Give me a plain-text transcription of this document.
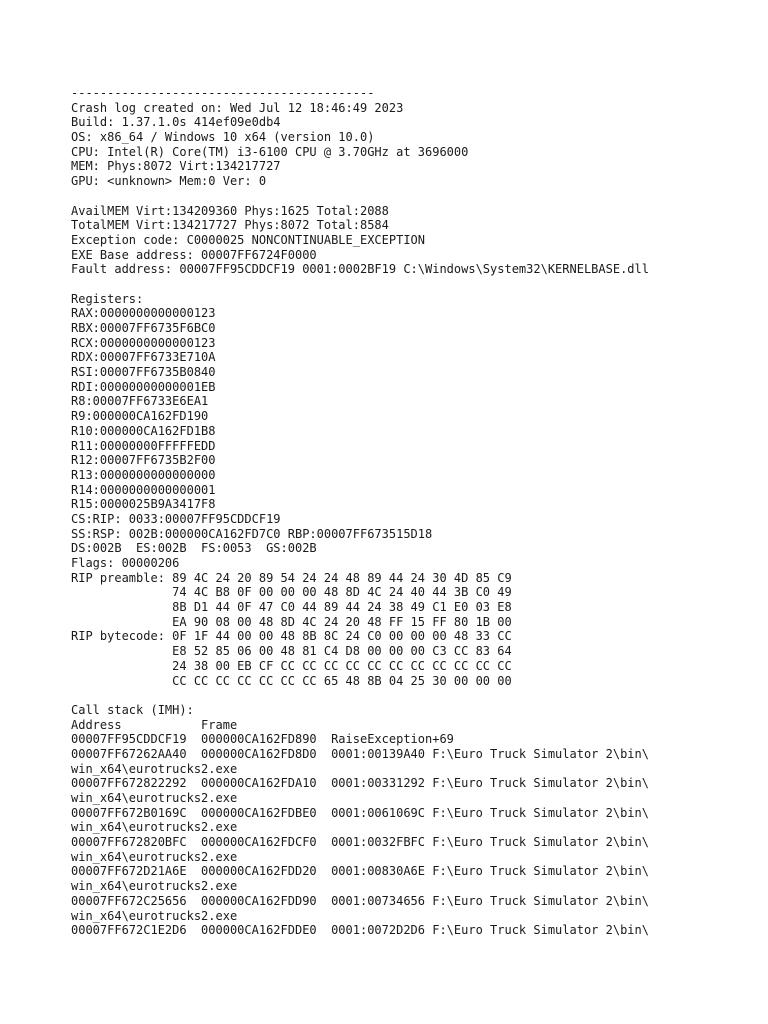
------------------------------------------
Crash log created on: Wed Jul 12 18:46:49 2023
Build: 1.37.1.0s 414ef09e0db4
OS: x86_64 / Windows 10 x64 (version 10.0)
CPU: Intel(R) Core(TM) i3-6100 CPU @ 3.70GHz at 3696000
MEM: Phys:8072 Virt:134217727
GPU: <unknown> Mem:0 Ver: 0
AvailMEM Virt:134209360 Phys:1625 Total:2088
TotalMEM Virt:134217727 Phys:8072 Total:8584
Exception code: C0000025 NONCONTINUABLE_EXCEPTION
EXE Base address: 00007FF6724F0000
Fault address: 00007FF95CDDCF19 0001:0002BF19 C:\Windows\System32\KERNELBASE.dll
Registers:
RAX:0000000000000123
RBX:00007FF6735F6BC0
RCX:0000000000000123
RDX:00007FF6733E710A
RSI:00007FF6735B0840
RDI:00000000000001EB
R8:00007FF6733E6EA1
R9:000000CA162FD190
R10:000000CA162FD1B8
R11:00000000FFFFFEDD
R12:00007FF6735B2F00
R13:0000000000000000
R14:0000000000000001
R15:0000025B9A3417F8
CS:RIP: 0033:00007FF95CDDCF19
SS:RSP: 002B:000000CA162FD7C0 RBP:00007FF673515D18
DS:002B  ES:002B  FS:0053  GS:002B
Flags: 00000206
RIP preamble: 89 4C 24 20 89 54 24 24 48 89 44 24 30 4D 85 C9
74 4C B8 0F 00 00 00 48 8D 4C 24 40 44 3B C0 49
8B D1 44 0F 47 C0 44 89 44 24 38 49 C1 E0 03 E8
EA 90 08 00 48 8D 4C 24 20 48 FF 15 FF 80 1B 00
RIP bytecode: 0F 1F 44 00 00 48 8B 8C 24 C0 00 00 00 48 33 CC
E8 52 85 06 00 48 81 C4 D8 00 00 00 C3 CC 83 64
24 38 00 EB CF CC CC CC CC CC CC CC CC CC CC CC
CC CC CC CC CC CC CC 65 48 8B 04 25 30 00 00 00
Call stack (IMH):
Address           Frame
00007FF95CDDCF19  000000CA162FD890  RaiseException+69
00007FF67262AA40  000000CA162FD8D0  0001:00139A40 F:\Euro Truck Simulator 2\bin\
win_x64\eurotrucks2.exe
00007FF672822292  000000CA162FDA10  0001:00331292 F:\Euro Truck Simulator 2\bin\
win_x64\eurotrucks2.exe
00007FF672B0169C  000000CA162FDBE0  0001:0061069C F:\Euro Truck Simulator 2\bin\
win_x64\eurotrucks2.exe
00007FF672820BFC  000000CA162FDCF0  0001:0032FBFC F:\Euro Truck Simulator 2\bin\
win_x64\eurotrucks2.exe
00007FF672D21A6E  000000CA162FDD20  0001:00830A6E F:\Euro Truck Simulator 2\bin\
win_x64\eurotrucks2.exe
00007FF672C25656  000000CA162FDD90  0001:00734656 F:\Euro Truck Simulator 2\bin\
win_x64\eurotrucks2.exe
00007FF672C1E2D6  000000CA162FDDE0  0001:0072D2D6 F:\Euro Truck Simulator 2\bin\
